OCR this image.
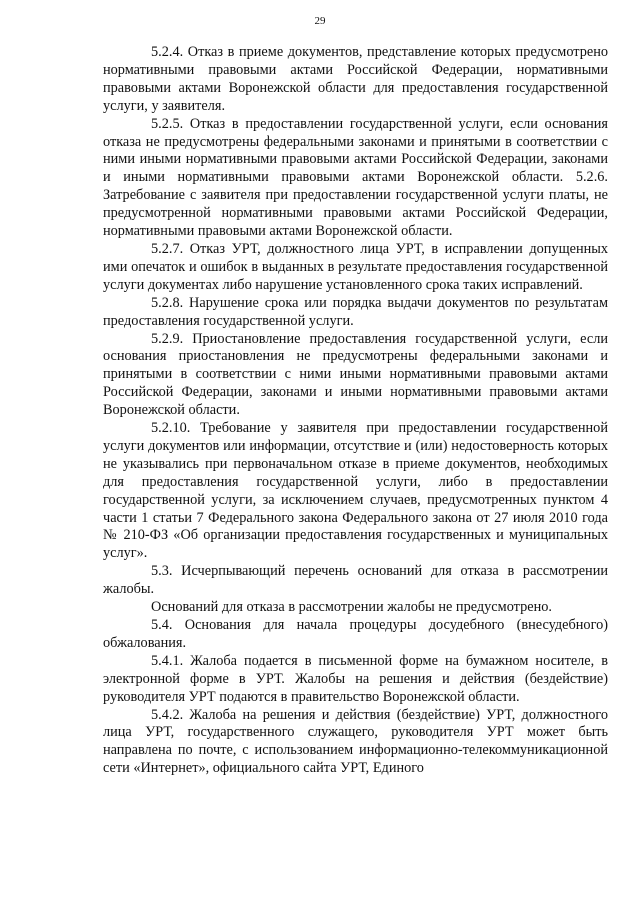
29

5.2.4. Отказ в приеме документов, представление которых предусмотрено нормативными правовыми актами Российской Федерации, нормативными правовыми актами Воронежской области для предоставления государственной услуги, у заявителя.

5.2.5. Отказ в предоставлении государственной услуги, если основания отказа не предусмотрены федеральными законами и принятыми в соответствии с ними иными нормативными правовыми актами Российской Федерации, законами и иными нормативными правовыми актами Воронежской области. 5.2.6. Затребование с заявителя при предоставлении государственной услуги платы, не предусмотренной нормативными правовыми актами Российской Федерации, нормативными правовыми актами Воронежской области.

5.2.7. Отказ УРТ, должностного лица УРТ, в исправлении допущенных ими опечаток и ошибок в выданных в результате предоставления государственной услуги документах либо нарушение установленного срока таких исправлений.

5.2.8. Нарушение срока или порядка выдачи документов по результатам предоставления государственной услуги.

5.2.9. Приостановление предоставления государственной услуги, если основания приостановления не предусмотрены федеральными законами и принятыми в соответствии с ними иными нормативными правовыми актами Российской Федерации, законами и иными нормативными правовыми актами Воронежской области.

5.2.10. Требование у заявителя при предоставлении государственной услуги документов или информации, отсутствие и (или) недостоверность которых не указывались при первоначальном отказе в приеме документов, необходимых для предоставления государственной услуги, либо в предоставлении государственной услуги, за исключением случаев, предусмотренных пунктом 4 части 1 статьи 7 Федерального закона Федерального закона от 27 июля 2010 года № 210-ФЗ «Об организации предоставления государственных и муниципальных услуг».

5.3. Исчерпывающий перечень оснований для отказа в рассмотрении жалобы.

Оснований для отказа в рассмотрении жалобы не предусмотрено.

5.4. Основания для начала процедуры досудебного (внесудебного) обжалования.

5.4.1. Жалоба подается в письменной форме на бумажном носителе, в электронной форме в УРТ. Жалобы на решения и действия (бездействие) руководителя УРТ подаются в правительство Воронежской области.

5.4.2. Жалоба на решения и действия (бездействие) УРТ, должностного лица УРТ, государственного служащего, руководителя УРТ может быть направлена по почте, с использованием информационно-телекоммуникационной сети «Интернет», официального сайта УРТ, Единого
